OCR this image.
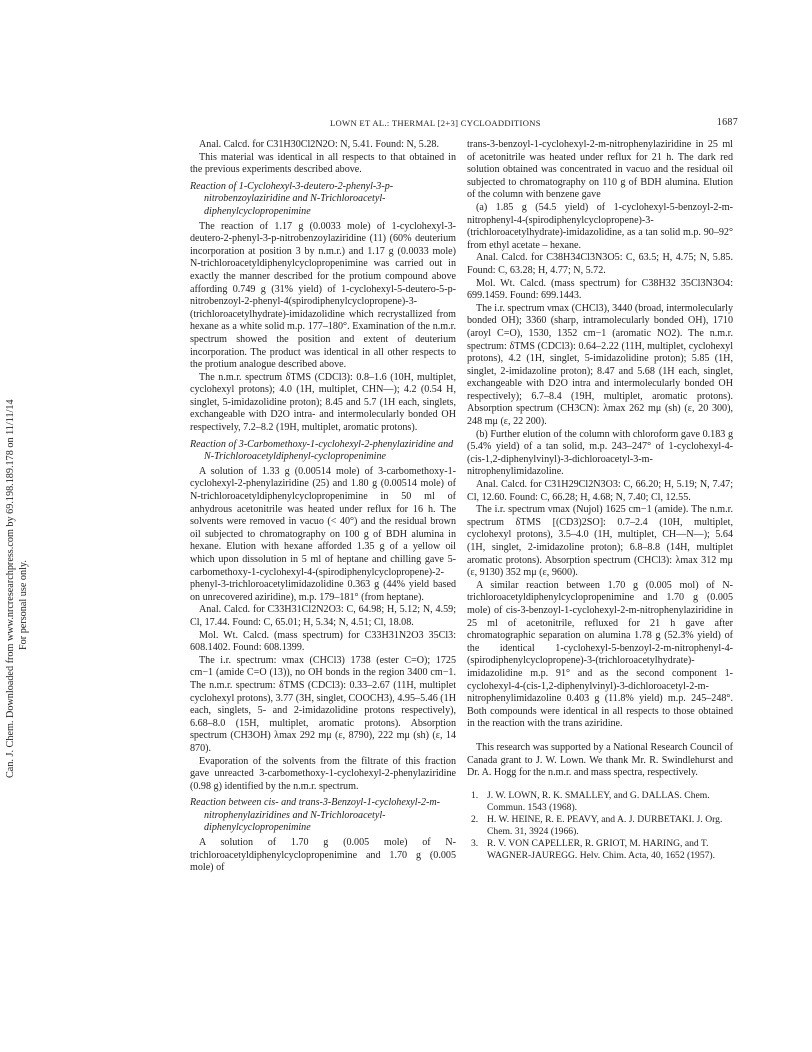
Can. J. Chem. Downloaded from www.nrcresearchpress.com by 69.198.189.178 on 11/11/14 For personal use only.
LOWN ET AL.: THERMAL [2+3] CYCLOADDITIONS	1687

Anal. Calcd. for C31H30Cl2N2O: N, 5.41. Found: N, 5.28.

This material was identical in all respects to that obtained in the previous experiments described above.

Reaction of 1-Cyclohexyl-3-deutero-2-phenyl-3-p-nitrobenzoylaziridine and N-Trichloroacetyl-diphenylcyclopropenimine

The reaction of 1.17 g (0.0033 mole) of 1-cyclohexyl-3-deutero-2-phenyl-3-p-nitrobenzoylaziridine (11) (60% deuterium incorporation at position 3 by n.m.r.) and 1.17 g (0.0033 mole) N-trichloroacetyldiphenylcyclopropenimine was carried out in exactly the manner described for the protium compound above affording 0.749 g (31% yield) of 1-cyclohexyl-5-deutero-5-p-nitrobenzoyl-2-phenyl-4(spirodiphenylcyclopropene)-3-(trichloroacetylhydrate)-imidazolidine which recrystallized from hexane as a white solid m.p. 177–180°. Examination of the n.m.r. spectrum showed the position and extent of deuterium incorporation. The product was identical in all other respects to the protium analogue described above.

The n.m.r. spectrum δTMS (CDCl3): 0.8–1.6 (10H, multiplet, cyclohexyl protons); 4.0 (1H, multiplet, CHN—); 4.2 (0.54 H, singlet, 5-imidazolidine proton); 8.45 and 5.7 (1H each, singlets, exchangeable with D2O intra- and intermolecularly bonded OH respectively, 7.2–8.2 (19H, multiplet, aromatic protons).

Reaction of 3-Carbomethoxy-1-cyclohexyl-2-phenylaziridine and N-Trichloroacetyldiphenyl-cyclopropenimine

A solution of 1.33 g (0.00514 mole) of 3-carbomethoxy-1-cyclohexyl-2-phenylaziridine (25) and 1.80 g (0.00514 mole) of N-trichloroacetyldiphenylcyclopropenimine in 50 ml of anhydrous acetonitrile was heated under reflux for 16 h. The solvents were removed in vacuo (< 40°) and the residual brown oil subjected to chromatography on 100 g of BDH alumina in hexane. Elution with hexane afforded 1.35 g of a yellow oil which upon dissolution in 5 ml of heptane and chilling gave 5-carbomethoxy-1-cyclohexyl-4-(spirodiphenylcyclopropene)-2-phenyl-3-trichloroacetylimidazolidine 0.363 g (44% yield based on unrecovered aziridine), m.p. 179–181° (from heptane).

Anal. Calcd. for C33H31Cl2N2O3: C, 64.98; H, 5.12; N, 4.59; Cl, 17.44. Found: C, 65.01; H, 5.34; N, 4.51; Cl, 18.08.

Mol. Wt. Calcd. (mass spectrum) for C33H31N2O3 35Cl3: 608.1402. Found: 608.1399.

The i.r. spectrum: νmax (CHCl3) 1738 (ester C=O); 1725 cm−1 (amide C=O (13)), no OH bonds in the region 3400 cm−1. The n.m.r. spectrum: δTMS (CDCl3): 0.33–2.67 (11H, multiplet cyclohexyl protons), 3.77 (3H, singlet, COOCH3), 4.95–5.46 (1H each, singlets, 5- and 2-imidazolidine protons respectively), 6.68–8.0 (15H, multiplet, aromatic protons). Absorption spectrum (CH3OH) λmax 292 mμ (ε, 8790), 222 mμ (sh) (ε, 14 870).

Evaporation of the solvents from the filtrate of this fraction gave unreacted 3-carbomethoxy-1-cyclohexyl-2-phenylaziridine (0.98 g) identified by the n.m.r. spectrum.

Reaction between cis- and trans-3-Benzoyl-1-cyclohexyl-2-m-nitrophenylaziridines and N-Trichloroacetyl-diphenylcyclopropenimine

A solution of 1.70 g (0.005 mole) of N-trichloroacetyldiphenylcyclopropenimine and 1.70 g (0.005 mole) of

trans-3-benzoyl-1-cyclohexyl-2-m-nitrophenylaziridine in 25 ml of acetonitrile was heated under reflux for 21 h. The dark red solution obtained was concentrated in vacuo and the residual oil subjected to chromatography on 110 g of BDH alumina. Elution of the column with benzene gave

(a) 1.85 g (54.5 yield) of 1-cyclohexyl-5-benzoyl-2-m-nitrophenyl-4-(spirodiphenylcyclopropene)-3-(trichloroacetylhydrate)-imidazolidine, as a tan solid m.p. 90–92° from ethyl acetate – hexane.

Anal. Calcd. for C38H34Cl3N3O5: C, 63.5; H, 4.75; N, 5.85. Found: C, 63.28; H, 4.77; N, 5.72.

Mol. Wt. Calcd. (mass spectrum) for C38H32 35Cl3N3O4: 699.1459. Found: 699.1443.

The i.r. spectrum νmax (CHCl3), 3440 (broad, intermolecularly bonded OH); 3360 (sharp, intramolecularly bonded OH), 1710 (aroyl C=O), 1530, 1352 cm−1 (aromatic NO2). The n.m.r. spectrum: δTMS (CDCl3): 0.64–2.22 (11H, multiplet, cyclohexyl protons), 4.2 (1H, singlet, 5-imidazolidine proton); 5.85 (1H, singlet, 2-imidazoline proton); 8.47 and 5.68 (1H each, singlet, exchangeable with D2O intra and intermolecularly bonded OH respectively); 6.7–8.4 (19H, multiplet, aromatic protons). Absorption spectrum (CH3CN): λmax 262 mμ (sh) (ε, 20 300), 248 mμ (ε, 22 200).

(b) Further elution of the column with chloroform gave 0.183 g (5.4% yield) of a tan solid, m.p. 243–247° of 1-cyclohexyl-4-(cis-1,2-diphenylvinyl)-3-dichloroacetyl-3-m-nitrophenylimidazoline.

Anal. Calcd. for C31H29Cl2N3O3: C, 66.20; H, 5.19; N, 7.47; Cl, 12.60. Found: C, 66.28; H, 4.68; N, 7.40; Cl, 12.55.

The i.r. spectrum νmax (Nujol) 1625 cm−1 (amide). The n.m.r. spectrum δTMS [(CD3)2SO]: 0.7–2.4 (10H, multiplet, cyclohexyl protons), 3.5–4.0 (1H, multiplet, CH—N—); 5.64 (1H, singlet, 2-imidazoline proton); 6.8–8.8 (14H, multiplet aromatic protons). Absorption spectrum (CHCl3): λmax 312 mμ (ε, 9130) 352 mμ (ε, 9600).

A similar reaction between 1.70 g (0.005 mol) of N-trichloroacetyldiphenylcyclopropenimine and 1.70 g (0.005 mole) of cis-3-benzoyl-1-cyclohexyl-2-m-nitrophenylaziridine in 25 ml of acetonitrile, refluxed for 21 h gave after chromatographic separation on alumina 1.78 g (52.3% yield) of the identical 1-cyclohexyl-5-benzoyl-2-m-nitrophenyl-4-(spirodiphenylcyclopropene)-3-(trichloroacetylhydrate)-imidazolidine m.p. 91° and as the second component 1-cyclohexyl-4-(cis-1,2-diphenylvinyl)-3-dichloroacetyl-2-m-nitrophenylimidazoline 0.403 g (11.8% yield) m.p. 245–248°. Both compounds were identical in all respects to those obtained in the reaction with the trans aziridine.

This research was supported by a National Research Council of Canada grant to J. W. Lown. We thank Mr. R. Swindlehurst and Dr. A. Hogg for the n.m.r. and mass spectra, respectively.

1. J. W. LOWN, R. K. SMALLEY, and G. DALLAS. Chem. Commun. 1543 (1968).
2. H. W. HEINE, R. E. PEAVY, and A. J. DURBETAKI. J. Org. Chem. 31, 3924 (1966).
3. R. V. VON CAPELLER, R. GRIOT, M. HARING, and T. WAGNER-JAUREGG. Helv. Chim. Acta, 40, 1652 (1957).
